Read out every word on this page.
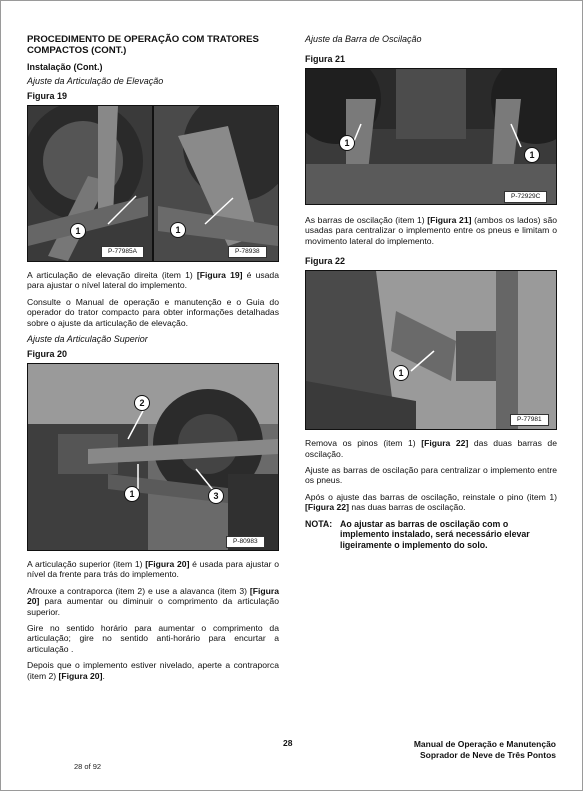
PROCEDIMENTO DE OPERAÇÃO COM TRATORES COMPACTOS (CONT.)
Instalação (Cont.)
Ajuste da Articulação de Elevação
Figura 19
1	1
P-77985A	P-78938

A articulação de elevação direita (item 1) [Figura 19] é usada para ajustar o nível lateral do implemento.

Consulte o Manual de operação e manutenção e o Guia do operador do trator compacto para obter informações detalhadas sobre o ajuste da articulação de elevação.

Ajuste da Articulação Superior
Figura 20
1
2
3
P-80983

A articulação superior (item 1) [Figura 20] é usada para ajustar o nível da frente para trás do implemento.

Afrouxe a contraporca (item 2) e use a alavanca (item 3) [Figura 20] para aumentar ou diminuir o comprimento da articulação superior.

Gire no sentido horário para aumentar o comprimento da articulação; gire no sentido anti-horário para encurtar a articulação .

Depois que o implemento estiver nivelado, aperte a contraporca (item 2) [Figura 20].

Ajuste da Barra de Oscilação
Figura 21
1
1
P-72929C

As barras de oscilação (item 1) [Figura 21] (ambos os lados) são usadas para centralizar o implemento entre os pneus e limitam o movimento lateral do implemento.

Figura 22
1
P-77981

Remova os pinos (item 1) [Figura 22] das duas barras de oscilação.

Ajuste as barras de oscilação para centralizar o implemento entre os pneus.

Após o ajuste das barras de oscilação, reinstale o pino (item 1) [Figura 22] nas duas barras de oscilação.

NOTA: Ao ajustar as barras de oscilação com o implemento instalado, será necessário elevar ligeiramente o implemento do solo.
28	Manual de Operação e Manutenção
Soprador de Neve de Três Pontos
28 of 92
